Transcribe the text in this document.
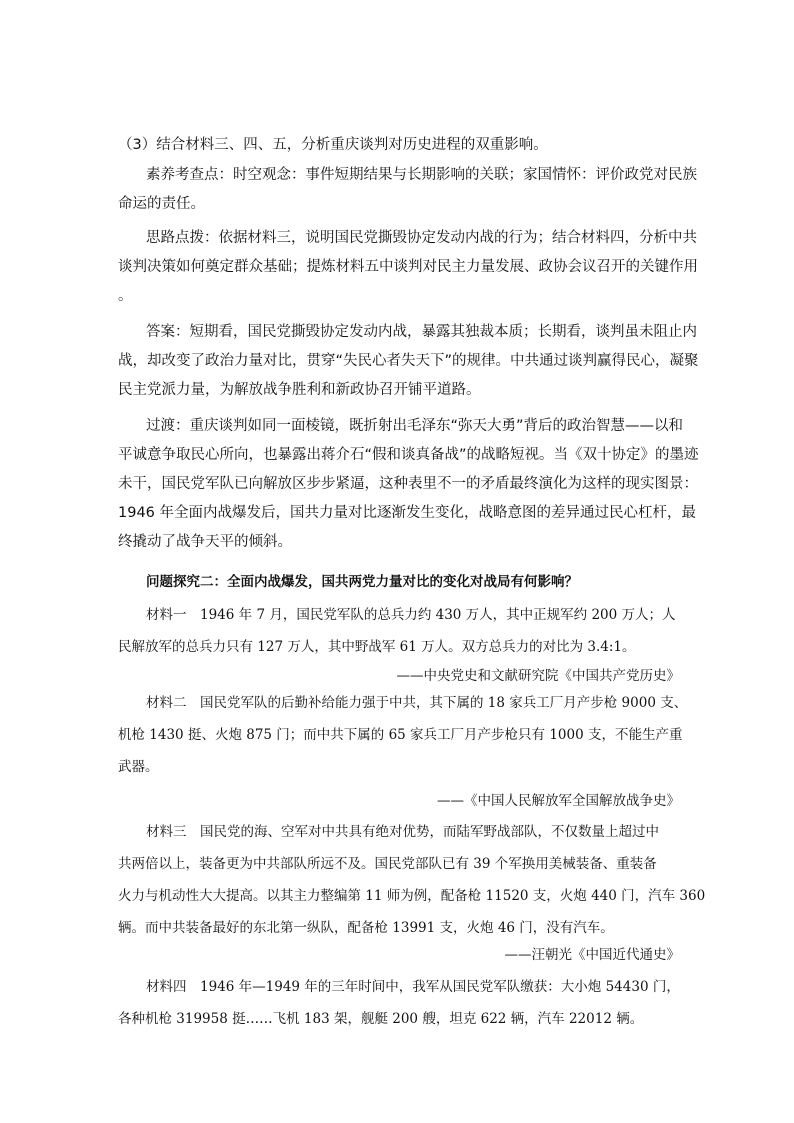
（3）结合材料三、四、五，分析重庆谈判对历史进程的双重影响。
素养考查点：时空观念：事件短期结果与长期影响的关联；家国情怀：评价政党对民族
命运的责任。
思路点拨：依据材料三，说明国民党撕毁协定发动内战的行为；结合材料四，分析中共
谈判决策如何奠定群众基础；提炼材料五中谈判对民主力量发展、政协会议召开的关键作用
。
答案：短期看，国民党撕毁协定发动内战，暴露其独裁本质；长期看，谈判虽未阻止内
战，却改变了政治力量对比，贯穿“失民心者失天下”的规律。中共通过谈判赢得民心，凝聚
民主党派力量，为解放战争胜利和新政协召开铺平道路。
过渡：重庆谈判如同一面棱镜，既折射出毛泽东“弥天大勇”背后的政治智慧——以和
平诚意争取民心所向，也暴露出蒋介石“假和谈真备战”的战略短视。当《双十协定》的墨迹
未干，国民党军队已向解放区步步紧逼，这种表里不一的矛盾最终演化为这样的现实图景：
1946 年全面内战爆发后，国共力量对比逐渐发生变化，战略意图的差异通过民心杠杆，最
终撬动了战争天平的倾斜。
问题探究二：全面内战爆发，国共两党力量对比的变化对战局有何影响？
材料一　1946 年 7 月，国民党军队的总兵力约 430 万人，其中正规军约 200 万人；人
民解放军的总兵力只有 127 万人，其中野战军 61 万人。双方总兵力的对比为 3.4:1。
——中央党史和文献研究院《中国共产党历史》
材料二　国民党军队的后勤补给能力强于中共，其下属的 18 家兵工厂月产步枪 9000 支、
机枪 1430 挺、火炮 875 门；而中共下属的 65 家兵工厂月产步枪只有 1000 支，不能生产重
武器。
——《中国人民解放军全国解放战争史》
材料三　国民党的海、空军对中共具有绝对优势，而陆军野战部队，不仅数量上超过中
共两倍以上，装备更为中共部队所远不及。国民党部队已有 39 个军换用美械装备、重装备
火力与机动性大大提高。以其主力整编第 11 师为例，配备枪 11520 支，火炮 440 门，汽车 360
辆。而中共装备最好的东北第一纵队，配备枪 13991 支，火炮 46 门，没有汽车。
——汪朝光《中国近代通史》
材料四　1946 年—1949 年的三年时间中，我军从国民党军队缴获：大小炮 54430 门，
各种机枪 319958 挺……飞机 183 架，舰艇 200 艘，坦克 622 辆，汽车 22012 辆。
